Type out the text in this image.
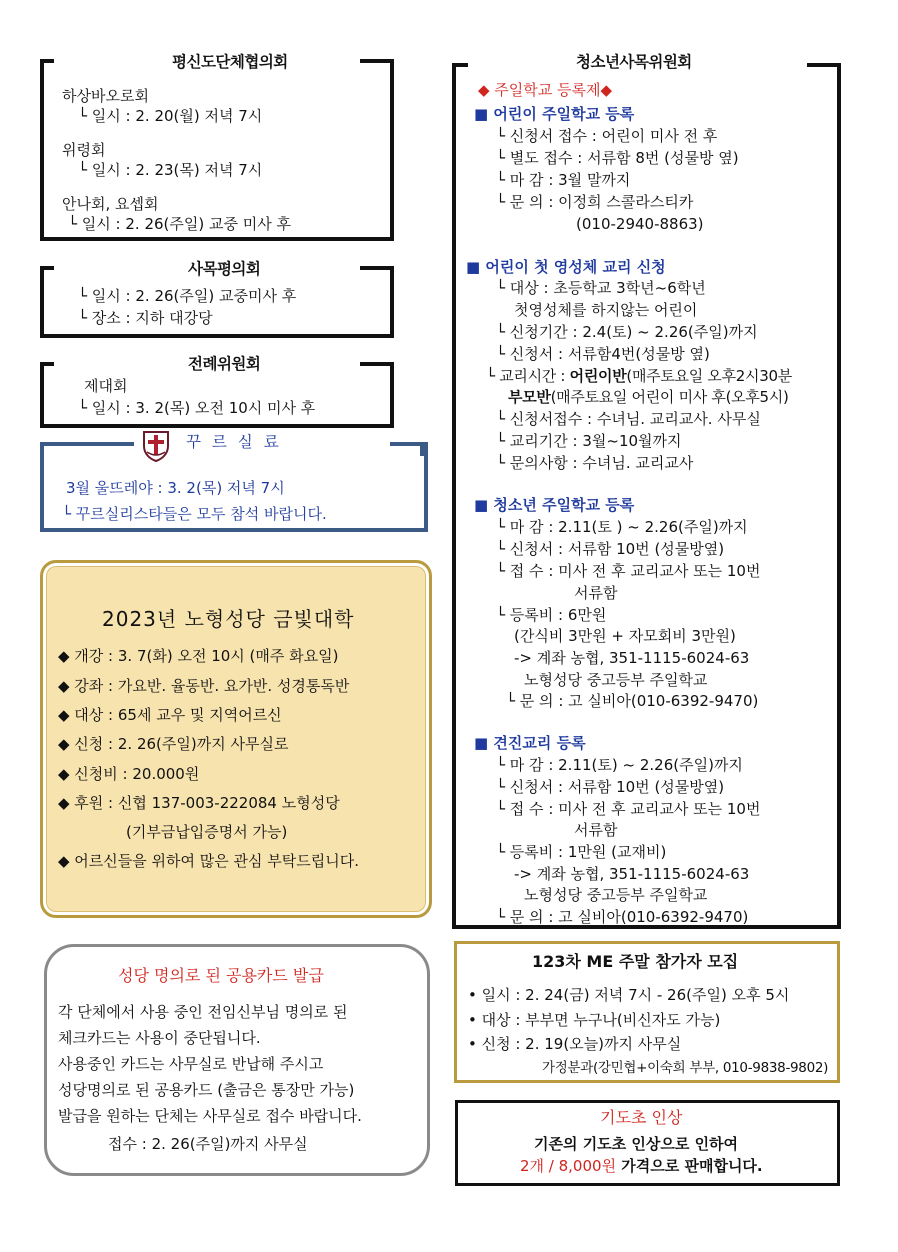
평신도단체협의회
하상바오로회
└ 일시 : 2. 20(월) 저녁 7시
위령회
└ 일시 : 2. 23(목) 저녁 7시
안나회, 요셉회
└ 일시 : 2. 26(주일) 교중 미사 후
사목평의회
└ 일시 : 2. 26(주일) 교중미사 후
└ 장소 : 지하 대강당
전례위원회
제대회
└ 일시 : 3. 2(목) 오전 10시 미사 후
꾸 르 실 료
3월 울뜨레야 : 3. 2(목) 저녁 7시
└ 꾸르실리스타들은 모두 참석 바랍니다.
2023년 노형성당 금빛대학
◆ 개강 : 3. 7(화) 오전 10시 (매주 화요일)
◆ 강좌 : 가요반. 율동반. 요가반. 성경통독반
◆ 대상 : 65세 교우 및 지역어르신
◆ 신청 : 2. 26(주일)까지 사무실로
◆ 신청비 : 20.000원
◆ 후원 : 신협 137-003-222084 노형성당
(기부금납입증명서 가능)
◆ 어르신들을 위하여 많은 관심 부탁드립니다.
성당 명의로 된 공용카드 발급
각 단체에서 사용 중인 전임신부님 명의로 된
체크카드는 사용이 중단됩니다.
사용중인 카드는 사무실로 반납해 주시고
성당명의로 된 공용카드 (출금은 통장만 가능)
발급을 원하는 단체는 사무실로 접수 바랍니다.
접수 : 2. 26(주일)까지 사무실
청소년사목위원회
◆ 주일학교 등록제◆
■ 어린이 주일학교 등록
└ 신청서 접수 : 어린이 미사 전 후
└ 별도 접수 : 서류함 8번 (성물방 옆)
└ 마 감 : 3월 말까지
└ 문 의 : 이정희 스콜라스티카
(010-2940-8863)
■ 어린이 첫 영성체 교리 신청
└ 대상 : 초등학교 3학년~6학년
첫영성체를 하지않는 어린이
└ 신청기간 : 2.4(토) ~ 2.26(주일)까지
└ 신청서 : 서류함4번(성물방 옆)
└ 교리시간 : 어린이반(매주토요일 오후2시30분
부모반(매주토요일 어린이 미사 후(오후5시)
└ 신청서접수 : 수녀님. 교리교사. 사무실
└ 교리기간 : 3월~10월까지
└ 문의사항 : 수녀님. 교리교사
■ 청소년 주일학교 등록
└ 마 감 : 2.11(토 ) ~ 2.26(주일)까지
└ 신청서 : 서류함 10번 (성물방옆)
└ 접 수 : 미사 전 후 교리교사 또는 10번
서류함
└ 등록비 : 6만원
(간식비 3만원 + 자모회비 3만원)
-> 계좌 농협, 351-1115-6024-63
노형성당 중고등부 주일학교
└ 문 의 : 고 실비아(010-6392-9470)
■ 견진교리 등록
└ 마 감 : 2.11(토) ~ 2.26(주일)까지
└ 신청서 : 서류함 10번 (성물방옆)
└ 접 수 : 미사 전 후 교리교사 또는 10번
서류함
└ 등록비 : 1만원 (교재비)
-> 계좌 농협, 351-1115-6024-63
노형성당 중고등부 주일학교
└ 문 의 : 고 실비아(010-6392-9470)
123차 ME 주말 참가자 모집
• 일시 : 2. 24(금) 저녁 7시 - 26(주일) 오후 5시
• 대상 : 부부면 누구나(비신자도 가능)
• 신청 : 2. 19(오늘)까지 사무실
가정분과(강민협+이숙희 부부, 010-9838-9802)
기도초 인상
기존의 기도초 인상으로 인하여
2개 / 8,000원 가격으로 판매합니다.
